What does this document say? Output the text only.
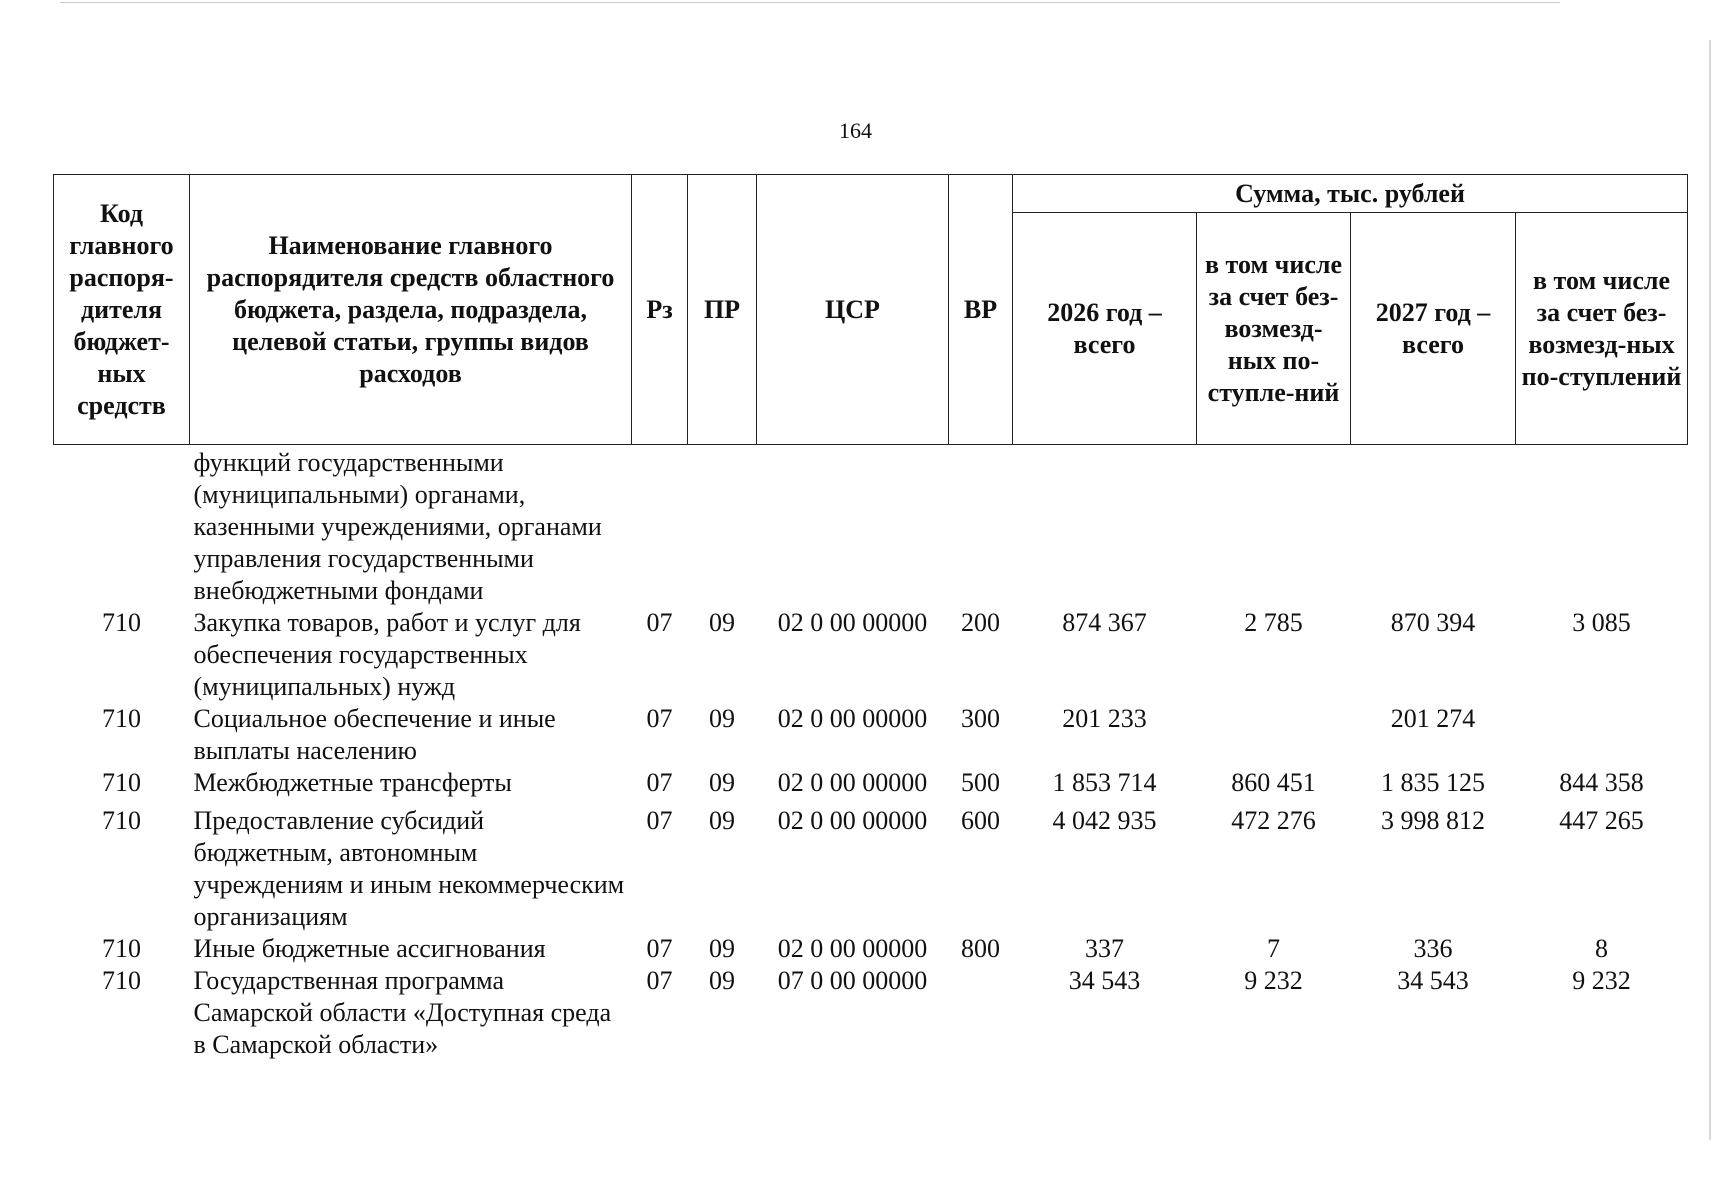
164
Код главного распоря-дителя бюджет-ных средств	Наименование главного распорядителя средств областного бюджета, раздела, подраздела, целевой статьи, группы видов расходов	Рз	ПР	ЦСР	ВР	Сумма, тыс. рублей			
						2026 год – всего	в том числе за счет без-возмезд-ных по-ступле-ний	2027 год – всего	в том числе за счет без-возмезд-ных по-ступлений
	функций государственными (муниципальными) органами, казенными учреждениями, органами управления государственными внебюджетными фондами								
710	Закупка товаров, работ и услуг для обеспечения государственных (муниципальных) нужд	07	09	02 0 00 00000	200	874 367	2 785	870 394	3 085
710	Социальное обеспечение и иные выплаты населению	07	09	02 0 00 00000	300	201 233		201 274	
710	Межбюджетные трансферты	07	09	02 0 00 00000	500	1 853 714	860 451	1 835 125	844 358
710	Предоставление субсидий бюджетным, автономным учреждениям и иным некоммерческим организациям	07	09	02 0 00 00000	600	4 042 935	472 276	3 998 812	447 265
710	Иные бюджетные ассигнования	07	09	02 0 00 00000	800	337	7	336	8
710	Государственная программа Самарской области «Доступная среда в Самарской области»	07	09	07 0 00 00000		34 543	9 232	34 543	9 232
